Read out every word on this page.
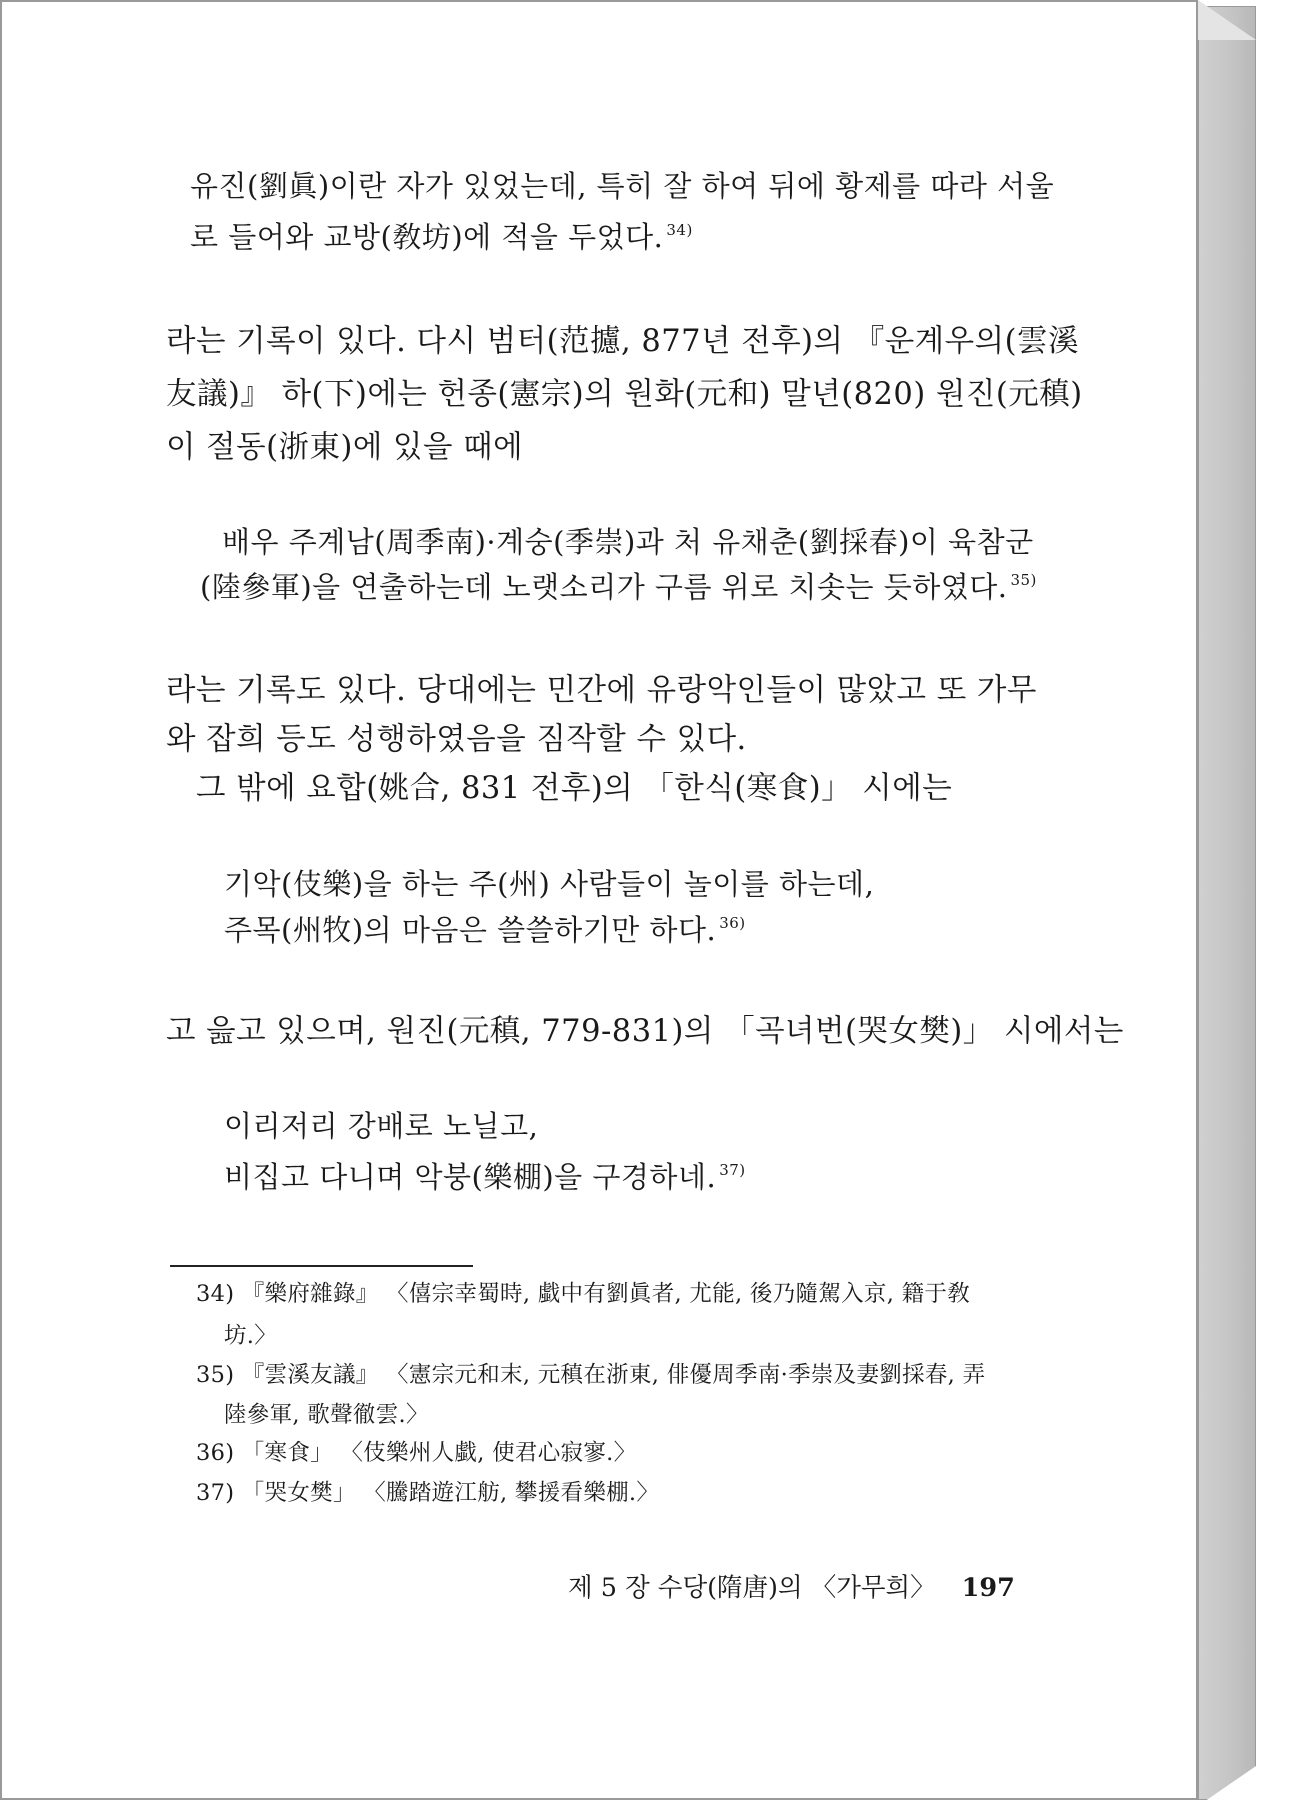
유진(劉眞)이란 자가 있었는데, 특히 잘 하여 뒤에 황제를 따라 서울
로 들어와 교방(敎坊)에 적을 두었다. $^{34)}$
라는 기록이 있다. 다시 범터(范攄, 877년 전후)의 『운계우의(雲溪
友議)』 하(下)에는 헌종(憲宗)의 원화(元和) 말년(820) 원진(元稹)
이 절동(浙東)에 있을 때에
배우 주계남(周季南)·계숭(季崇)과 처 유채춘(劉採春)이 육참군
(陸參軍)을 연출하는데 노랫소리가 구름 위로 치솟는 듯하였다. $^{35)}$
라는 기록도 있다. 당대에는 민간에 유랑악인들이 많았고 또 가무
와 잡희 등도 성행하였음을 짐작할 수 있다.
그 밖에 요합(姚合, 831 전후)의 「한식(寒食)」 시에는
기악(伎樂)을 하는 주(州) 사람들이 놀이를 하는데,
주목(州牧)의 마음은 쓸쓸하기만 하다. $^{36)}$
고 읊고 있으며, 원진(元稹, 779-831)의 「곡녀번(哭女樊)」 시에서는
이리저리 강배로 노닐고,
비집고 다니며 악붕(樂棚)을 구경하네. $^{37)}$
34) 『樂府雜錄』 〈僖宗幸蜀時, 戱中有劉眞者, 尤能, 後乃隨駕入京, 籍于敎
坊.〉
35) 『雲溪友議』 〈憲宗元和末, 元稹在浙東, 俳優周季南·季崇及妻劉採春, 弄
陸參軍, 歌聲徹雲.〉
36) 「寒食」 〈伎樂州人戱, 使君心寂寥.〉
37) 「哭女樊」 〈騰踏遊江舫, 攀援看樂棚.〉
제 5 장 수당(隋唐)의 〈가무희〉 197
